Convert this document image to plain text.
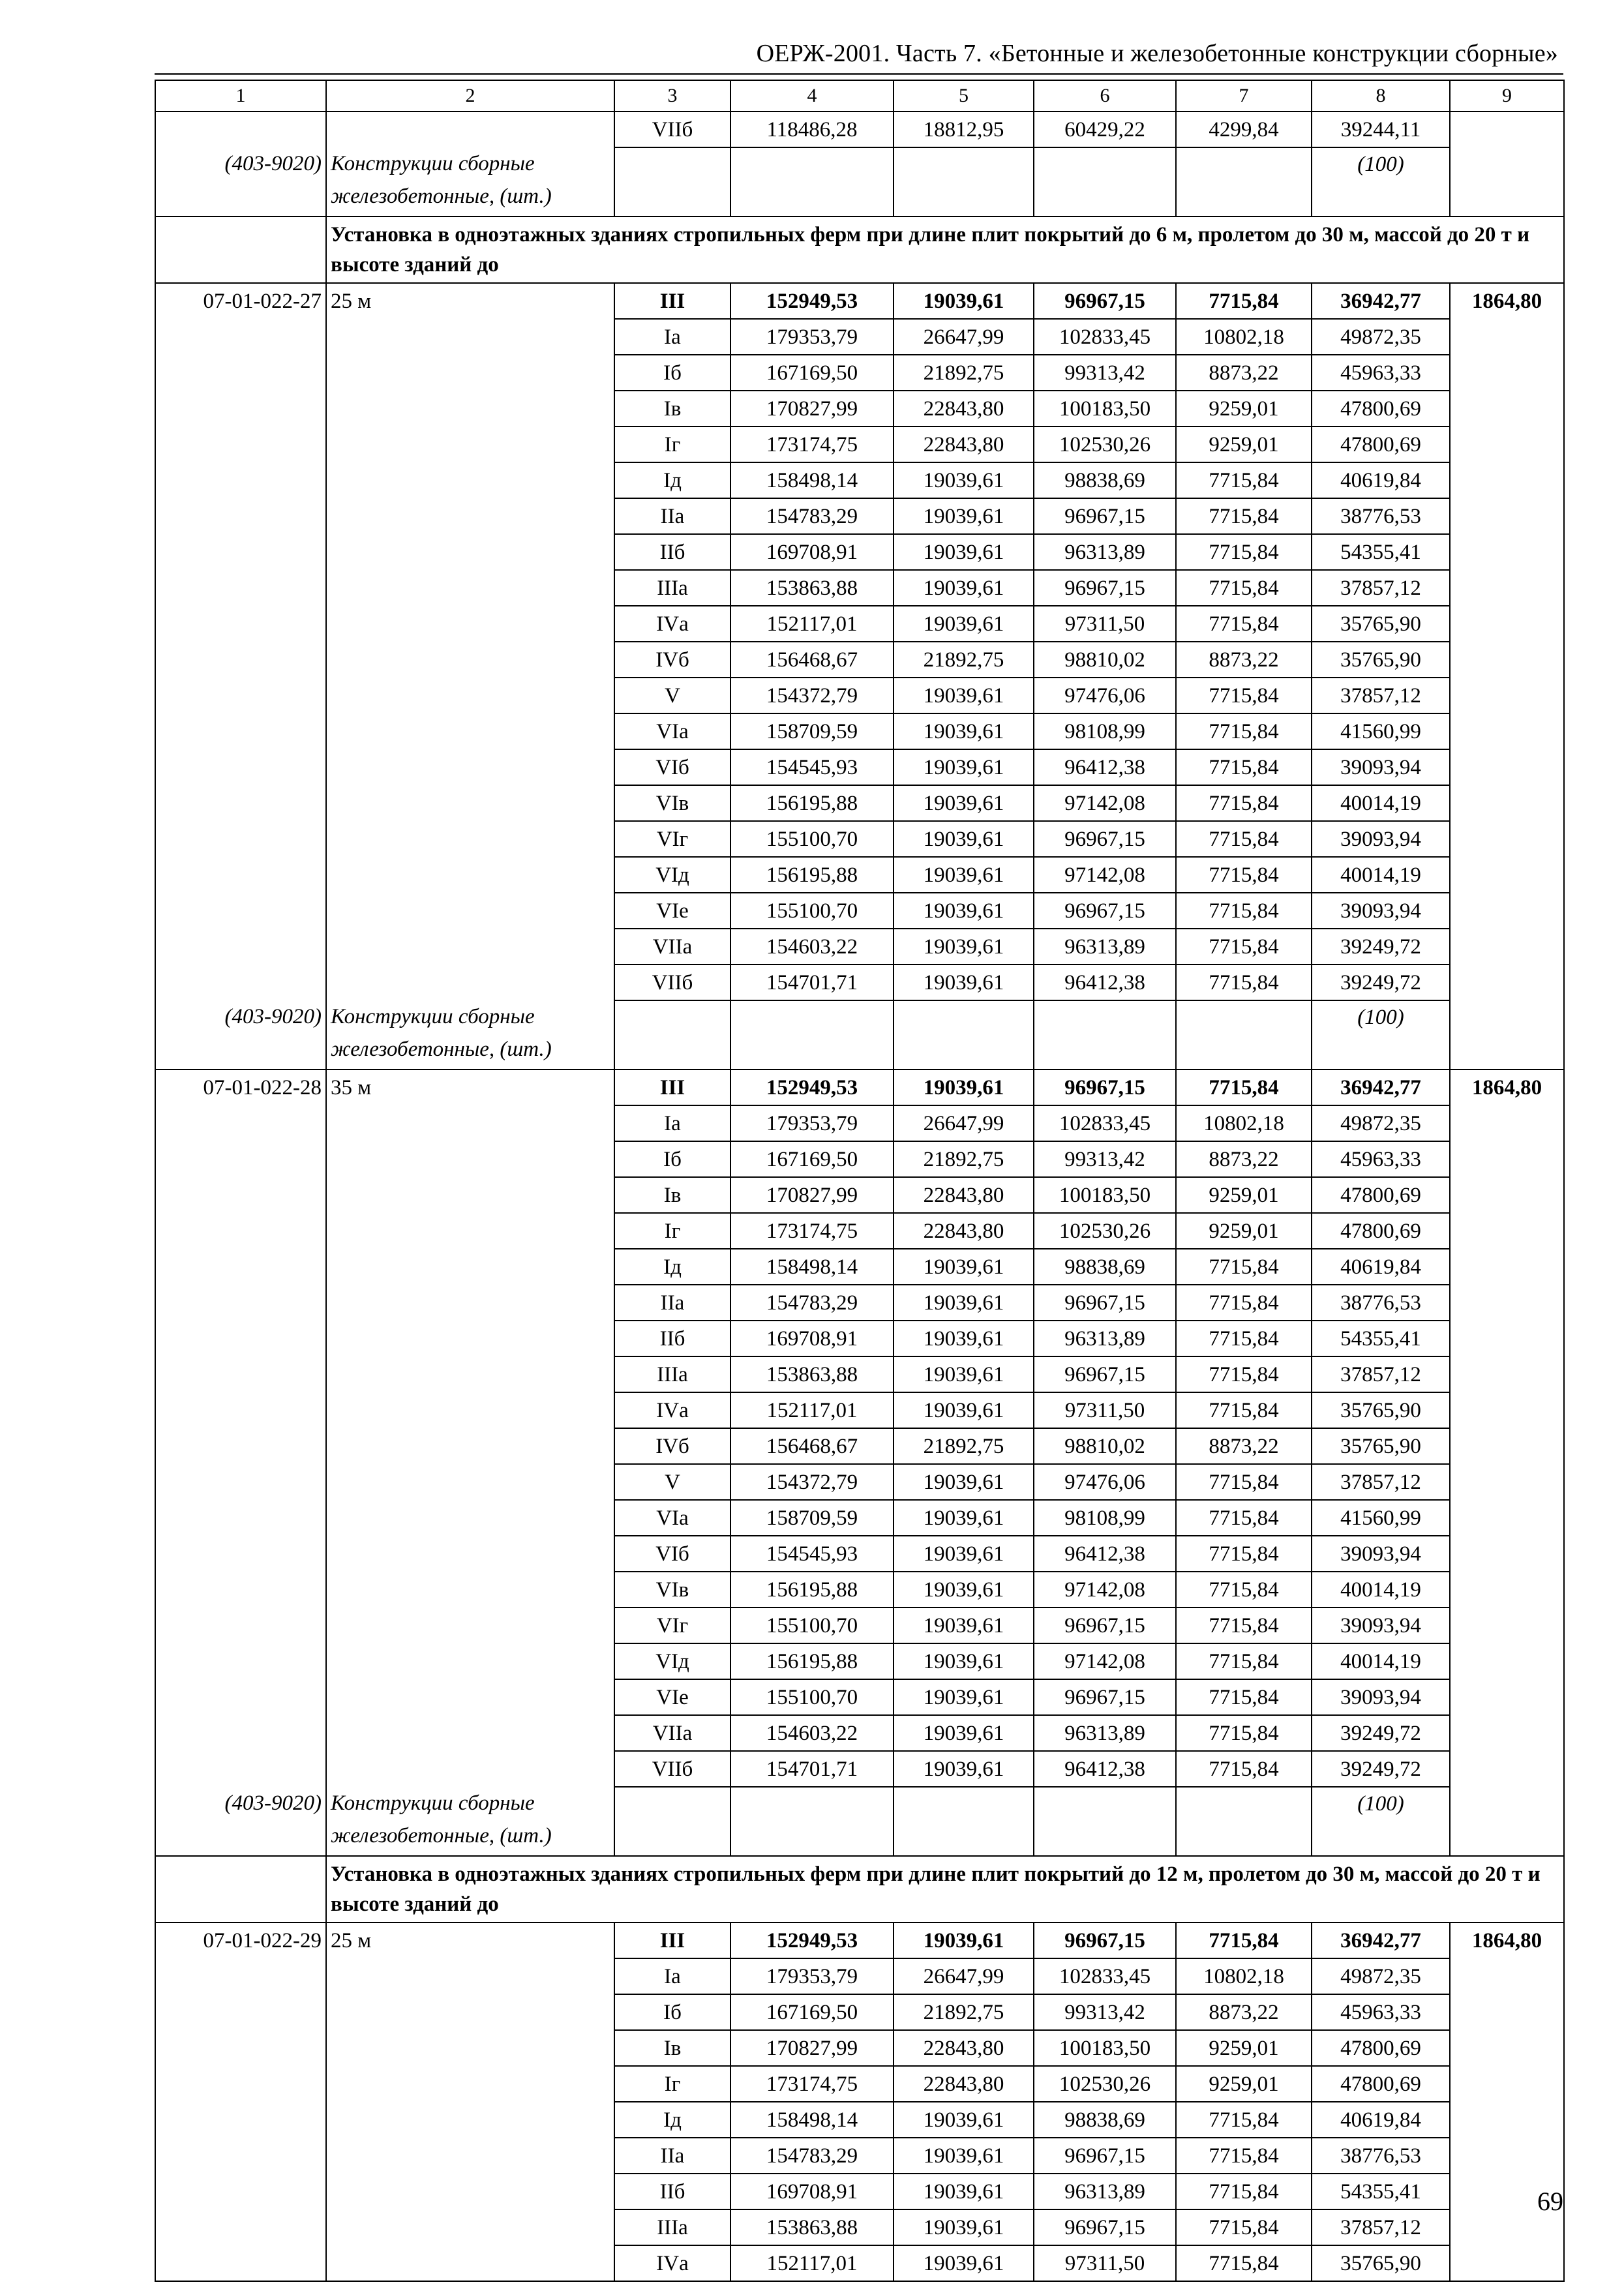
ОЕРЖ-2001. Часть 7. «Бетонные и железобетонные конструкции сборные»
1	2	3	4	5	6	7	8	9
		VIIб	118486,28	18812,95	60429,22	4299,84	39244,11	
(403-9020)	Конструкции сборные железобетонные, (шт.)						(100)	
	Установка в одноэтажных зданиях стропильных ферм при длине плит покрытий до 6 м, пролетом до 30 м, массой до 20 т и высоте зданий до							
07-01-022-27	25 м	III	152949,53	19039,61	96967,15	7715,84	36942,77	1864,80
		Iа	179353,79	26647,99	102833,45	10802,18	49872,35	
		Iб	167169,50	21892,75	99313,42	8873,22	45963,33	
		Iв	170827,99	22843,80	100183,50	9259,01	47800,69	
		Iг	173174,75	22843,80	102530,26	9259,01	47800,69	
		Iд	158498,14	19039,61	98838,69	7715,84	40619,84	
		IIа	154783,29	19039,61	96967,15	7715,84	38776,53	
		IIб	169708,91	19039,61	96313,89	7715,84	54355,41	
		IIIа	153863,88	19039,61	96967,15	7715,84	37857,12	
		IVа	152117,01	19039,61	97311,50	7715,84	35765,90	
		IVб	156468,67	21892,75	98810,02	8873,22	35765,90	
		V	154372,79	19039,61	97476,06	7715,84	37857,12	
		VIа	158709,59	19039,61	98108,99	7715,84	41560,99	
		VIб	154545,93	19039,61	96412,38	7715,84	39093,94	
		VIв	156195,88	19039,61	97142,08	7715,84	40014,19	
		VIг	155100,70	19039,61	96967,15	7715,84	39093,94	
		VIд	156195,88	19039,61	97142,08	7715,84	40014,19	
		VIе	155100,70	19039,61	96967,15	7715,84	39093,94	
		VIIа	154603,22	19039,61	96313,89	7715,84	39249,72	
		VIIб	154701,71	19039,61	96412,38	7715,84	39249,72	
(403-9020)	Конструкции сборные железобетонные, (шт.)						(100)	
07-01-022-28	35 м	III	152949,53	19039,61	96967,15	7715,84	36942,77	1864,80
		Iа	179353,79	26647,99	102833,45	10802,18	49872,35	
		Iб	167169,50	21892,75	99313,42	8873,22	45963,33	
		Iв	170827,99	22843,80	100183,50	9259,01	47800,69	
		Iг	173174,75	22843,80	102530,26	9259,01	47800,69	
		Iд	158498,14	19039,61	98838,69	7715,84	40619,84	
		IIа	154783,29	19039,61	96967,15	7715,84	38776,53	
		IIб	169708,91	19039,61	96313,89	7715,84	54355,41	
		IIIа	153863,88	19039,61	96967,15	7715,84	37857,12	
		IVа	152117,01	19039,61	97311,50	7715,84	35765,90	
		IVб	156468,67	21892,75	98810,02	8873,22	35765,90	
		V	154372,79	19039,61	97476,06	7715,84	37857,12	
		VIа	158709,59	19039,61	98108,99	7715,84	41560,99	
		VIб	154545,93	19039,61	96412,38	7715,84	39093,94	
		VIв	156195,88	19039,61	97142,08	7715,84	40014,19	
		VIг	155100,70	19039,61	96967,15	7715,84	39093,94	
		VIд	156195,88	19039,61	97142,08	7715,84	40014,19	
		VIе	155100,70	19039,61	96967,15	7715,84	39093,94	
		VIIа	154603,22	19039,61	96313,89	7715,84	39249,72	
		VIIб	154701,71	19039,61	96412,38	7715,84	39249,72	
(403-9020)	Конструкции сборные железобетонные, (шт.)						(100)	
	Установка в одноэтажных зданиях стропильных ферм при длине плит покрытий до 12 м, пролетом до 30 м, массой до 20 т и высоте зданий до							
07-01-022-29	25 м	III	152949,53	19039,61	96967,15	7715,84	36942,77	1864,80
		Iа	179353,79	26647,99	102833,45	10802,18	49872,35	
		Iб	167169,50	21892,75	99313,42	8873,22	45963,33	
		Iв	170827,99	22843,80	100183,50	9259,01	47800,69	
		Iг	173174,75	22843,80	102530,26	9259,01	47800,69	
		Iд	158498,14	19039,61	98838,69	7715,84	40619,84	
		IIа	154783,29	19039,61	96967,15	7715,84	38776,53	
		IIб	169708,91	19039,61	96313,89	7715,84	54355,41	
		IIIа	153863,88	19039,61	96967,15	7715,84	37857,12	
		IVа	152117,01	19039,61	97311,50	7715,84	35765,90	
69
